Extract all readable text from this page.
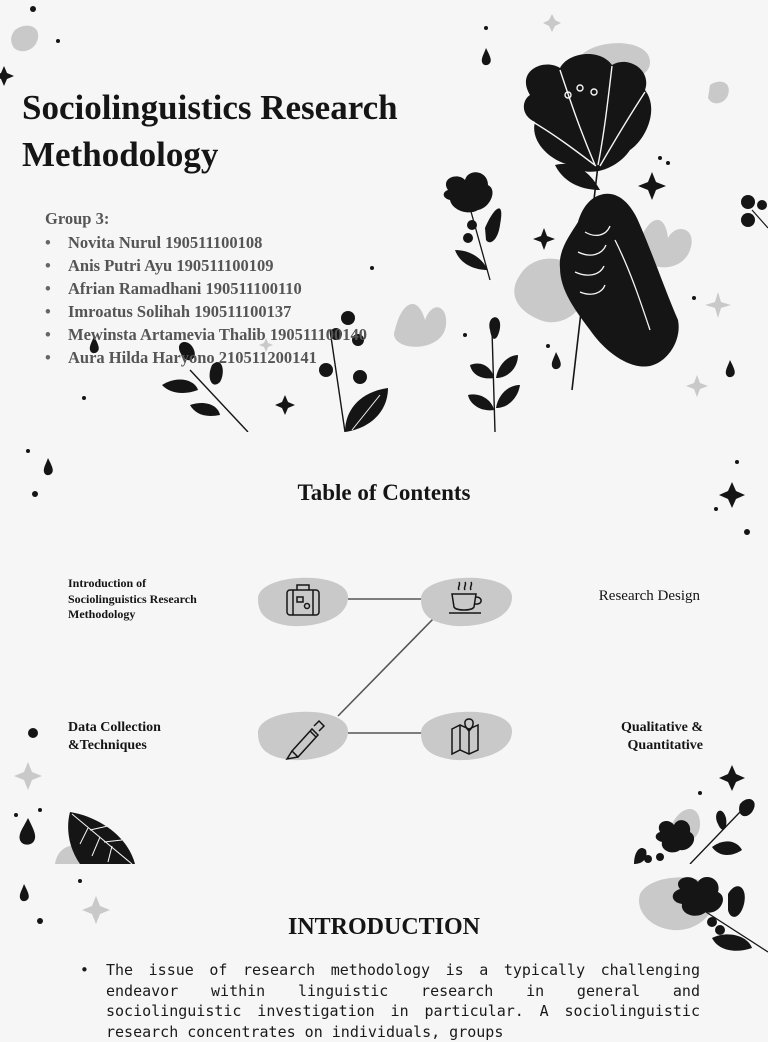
Sociolinguistics Research
Methodology
Group 3:
• Novita Nurul 190511100108
• Anis Putri Ayu 190511100109
• Afrian Ramadhani 190511100110
• Imroatus Solihah 190511100137
• Mewinsta Artamevia Thalib 190511100140
• Aura Hilda Haryono 210511200141
Table of Contents
Introduction of
Sociolinguistics Research
Methodology
Research Design
Data Collection
&Techniques
Qualitative &
Quantitative
INTRODUCTION
• The issue of research methodology is a typically challenging endeavor within linguistic research in general and sociolinguistic investigation in particular. A sociolinguistic research concentrates on individuals, groups
